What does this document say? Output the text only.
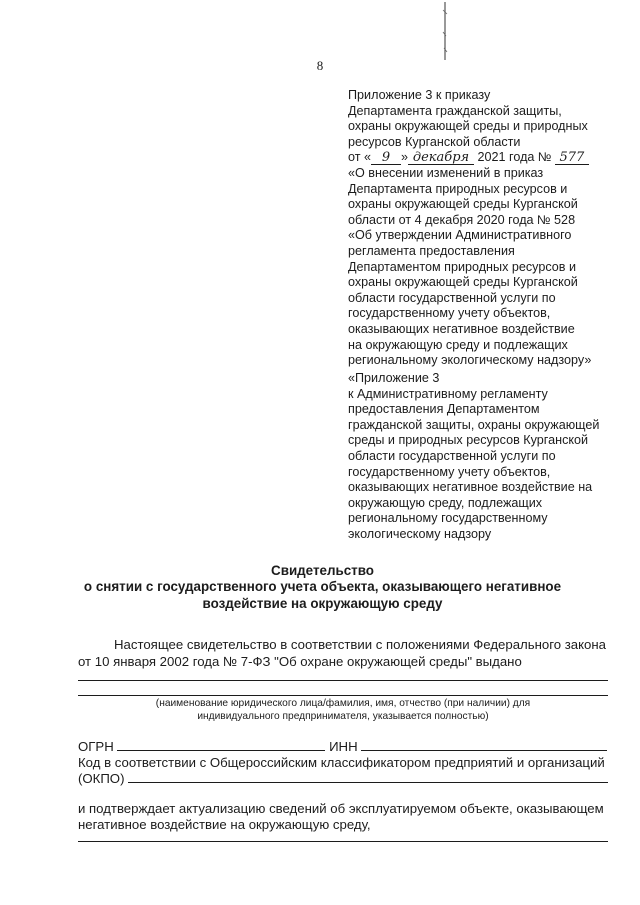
8
Приложение 3 к приказу
Департамента гражданской защиты,
охраны окружающей среды и природных
ресурсов Курганской области
от « 9 » декабря 2021 года № 577
«О внесении изменений в приказ
Департамента природных ресурсов и
охраны окружающей среды Курганской
области от 4 декабря 2020 года № 528
«Об утверждении Административного
регламента предоставления
Департаментом природных ресурсов и
охраны окружающей среды Курганской
области государственной услуги по
государственному учету объектов,
оказывающих негативное воздействие
на окружающую среду и подлежащих
региональному экологическому надзору»
«Приложение 3
к Административному регламенту
предоставления Департаментом
гражданской защиты, охраны окружающей
среды и природных ресурсов Курганской
области государственной услуги по
государственному учету объектов,
оказывающих негативное воздействие на
окружающую среду, подлежащих
региональному государственному
экологическому надзору
Свидетельство
о снятии с государственного учета объекта, оказывающего негативное
воздействие на окружающую среду
Настоящее свидетельство в соответствии с положениями Федерального закона
от 10 января 2002 года № 7-ФЗ "Об охране окружающей среды" выдано
(наименование юридического лица/фамилия, имя, отчество (при наличии) для
индивидуального предпринимателя, указывается полностью)
ОГРН	ИНН
Код в соответствии с Общероссийским классификатором предприятий и организаций
(ОКПО)
и подтверждает актуализацию сведений об эксплуатируемом объекте, оказывающем
негативное воздействие на окружающую среду,
